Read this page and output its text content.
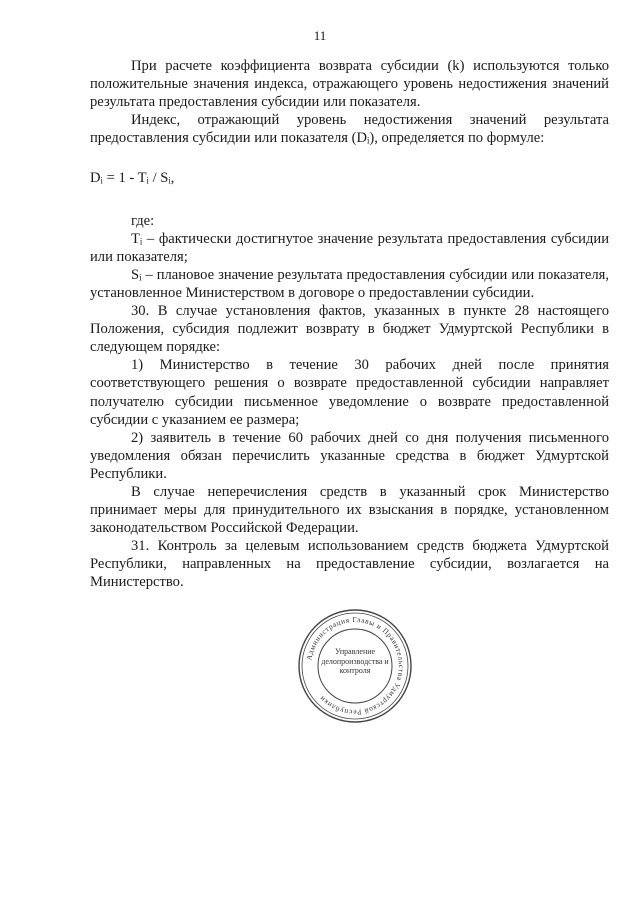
11

При расчете коэффициента возврата субсидии (k) используются только положительные значения индекса, отражающего уровень недостижения значений результата предоставления субсидии или показателя.

Индекс, отражающий уровень недостижения значений результата предоставления субсидии или показателя (Dᵢ), определяется по формуле:

Dᵢ = 1 - Tᵢ / Sᵢ,

где:

Tᵢ – фактически достигнутое значение результата предоставления субсидии или показателя;

Sᵢ – плановое значение результата предоставления субсидии или показателя, установленное Министерством в договоре о предоставлении субсидии.

30. В случае установления фактов, указанных в пункте 28 настоящего Положения, субсидия подлежит возврату в бюджет Удмуртской Республики в следующем порядке:

1) Министерство в течение 30 рабочих дней после принятия соответствующего решения о возврате предоставленной субсидии направляет получателю субсидии письменное уведомление о возврате предоставленной субсидии с указанием ее размера;

2) заявитель в течение 60 рабочих дней со дня получения письменного уведомления обязан перечислить указанные средства в бюджет Удмуртской Республики.

В случае неперечисления средств в указанный срок Министерство принимает меры для принудительного их взыскания в порядке, установленном законодательством Российской Федерации.

31. Контроль за целевым использованием средств бюджета Удмуртской Республики, направленных на предоставление субсидии, возлагается на Министерство.

Администрация Главы и Правительства Удмуртской Республики
Управление делопроизводства и контроля
